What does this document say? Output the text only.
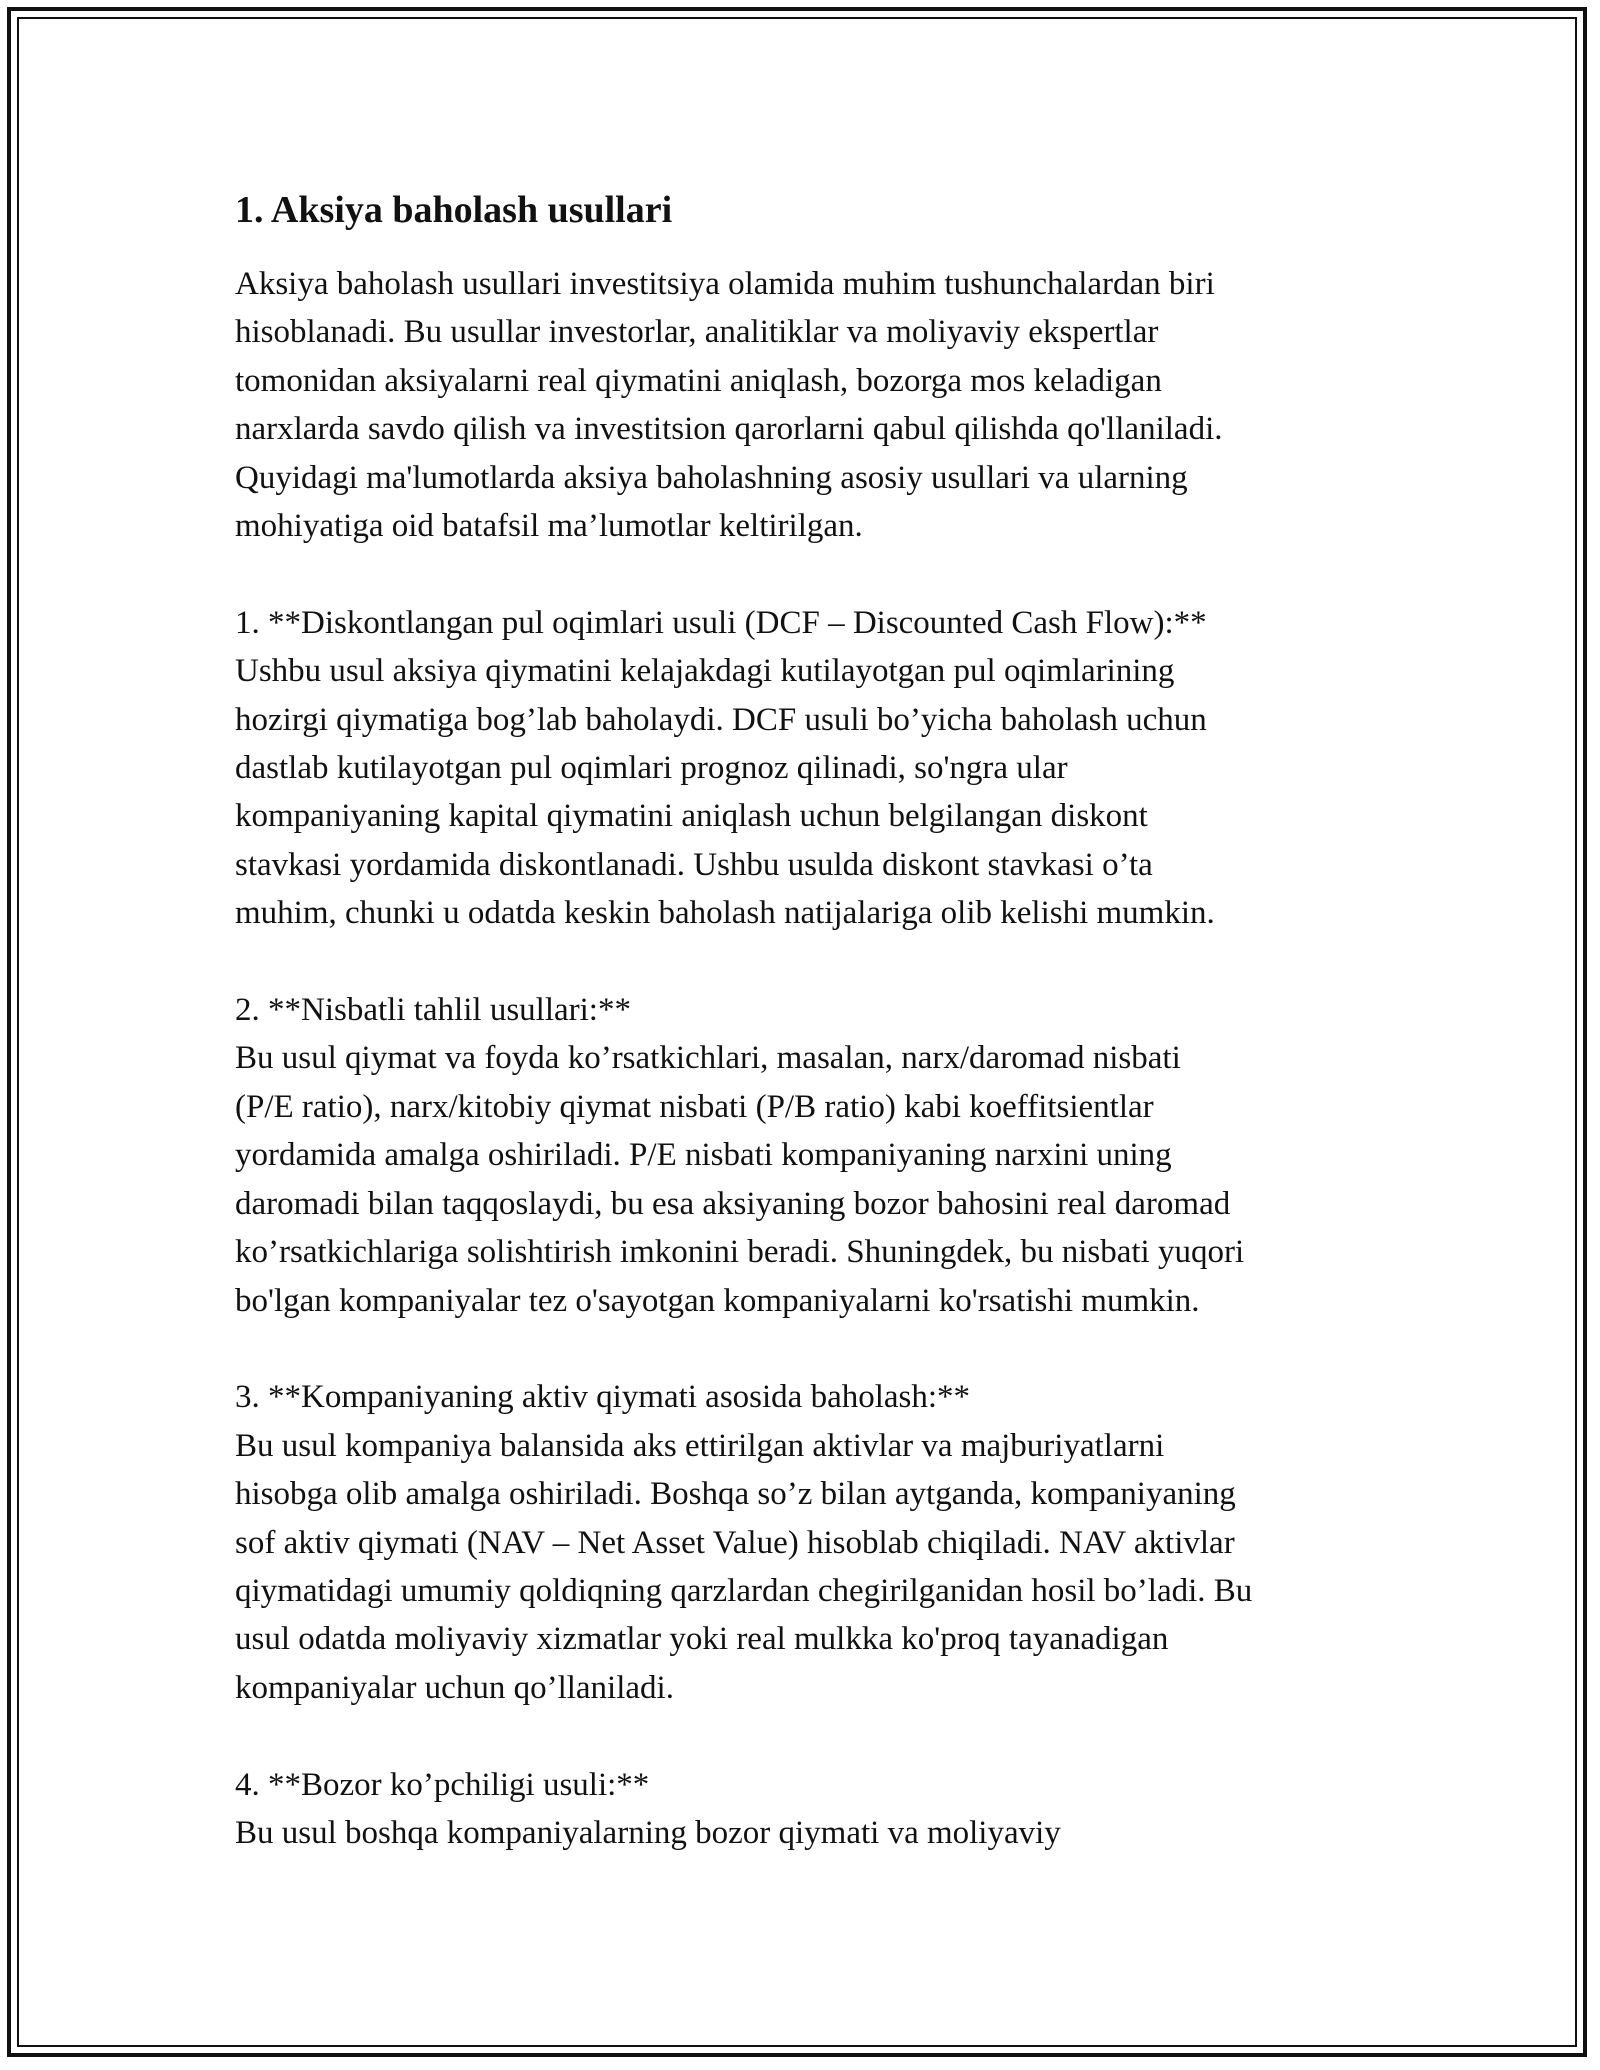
1. Aksiya baholash usullari

Aksiya baholash usullari investitsiya olamida muhim tushunchalardan biri
hisoblanadi. Bu usullar investorlar, analitiklar va moliyaviy ekspertlar
tomonidan aksiyalarni real qiymatini aniqlash, bozorga mos keladigan
narxlarda savdo qilish va investitsion qarorlarni qabul qilishda qo'llaniladi.
Quyidagi ma'lumotlarda aksiya baholashning asosiy usullari va ularning
mohiyatiga oid batafsil ma’lumotlar keltirilgan.

1. **Diskontlangan pul oqimlari usuli (DCF – Discounted Cash Flow):**
Ushbu usul aksiya qiymatini kelajakdagi kutilayotgan pul oqimlarining
hozirgi qiymatiga bog’lab baholaydi. DCF usuli bo’yicha baholash uchun
dastlab kutilayotgan pul oqimlari prognoz qilinadi, so'ngra ular
kompaniyaning kapital qiymatini aniqlash uchun belgilangan diskont
stavkasi yordamida diskontlanadi. Ushbu usulda diskont stavkasi o’ta
muhim, chunki u odatda keskin baholash natijalariga olib kelishi mumkin.

2. **Nisbatli tahlil usullari:**
Bu usul qiymat va foyda ko’rsatkichlari, masalan, narx/daromad nisbati
(P/E ratio), narx/kitobiy qiymat nisbati (P/B ratio) kabi koeffitsientlar
yordamida amalga oshiriladi. P/E nisbati kompaniyaning narxini uning
daromadi bilan taqqoslaydi, bu esa aksiyaning bozor bahosini real daromad
ko’rsatkichlariga solishtirish imkonini beradi. Shuningdek, bu nisbati yuqori
bo'lgan kompaniyalar tez o'sayotgan kompaniyalarni ko'rsatishi mumkin.

3. **Kompaniyaning aktiv qiymati asosida baholash:**
Bu usul kompaniya balansida aks ettirilgan aktivlar va majburiyatlarni
hisobga olib amalga oshiriladi. Boshqa so’z bilan aytganda, kompaniyaning
sof aktiv qiymati (NAV – Net Asset Value) hisoblab chiqiladi. NAV aktivlar
qiymatidagi umumiy qoldiqning qarzlardan chegirilganidan hosil bo’ladi. Bu
usul odatda moliyaviy xizmatlar yoki real mulkka ko'proq tayanadigan
kompaniyalar uchun qo’llaniladi.

4. **Bozor ko’pchiligi usuli:**
Bu usul boshqa kompaniyalarning bozor qiymati va moliyaviy
